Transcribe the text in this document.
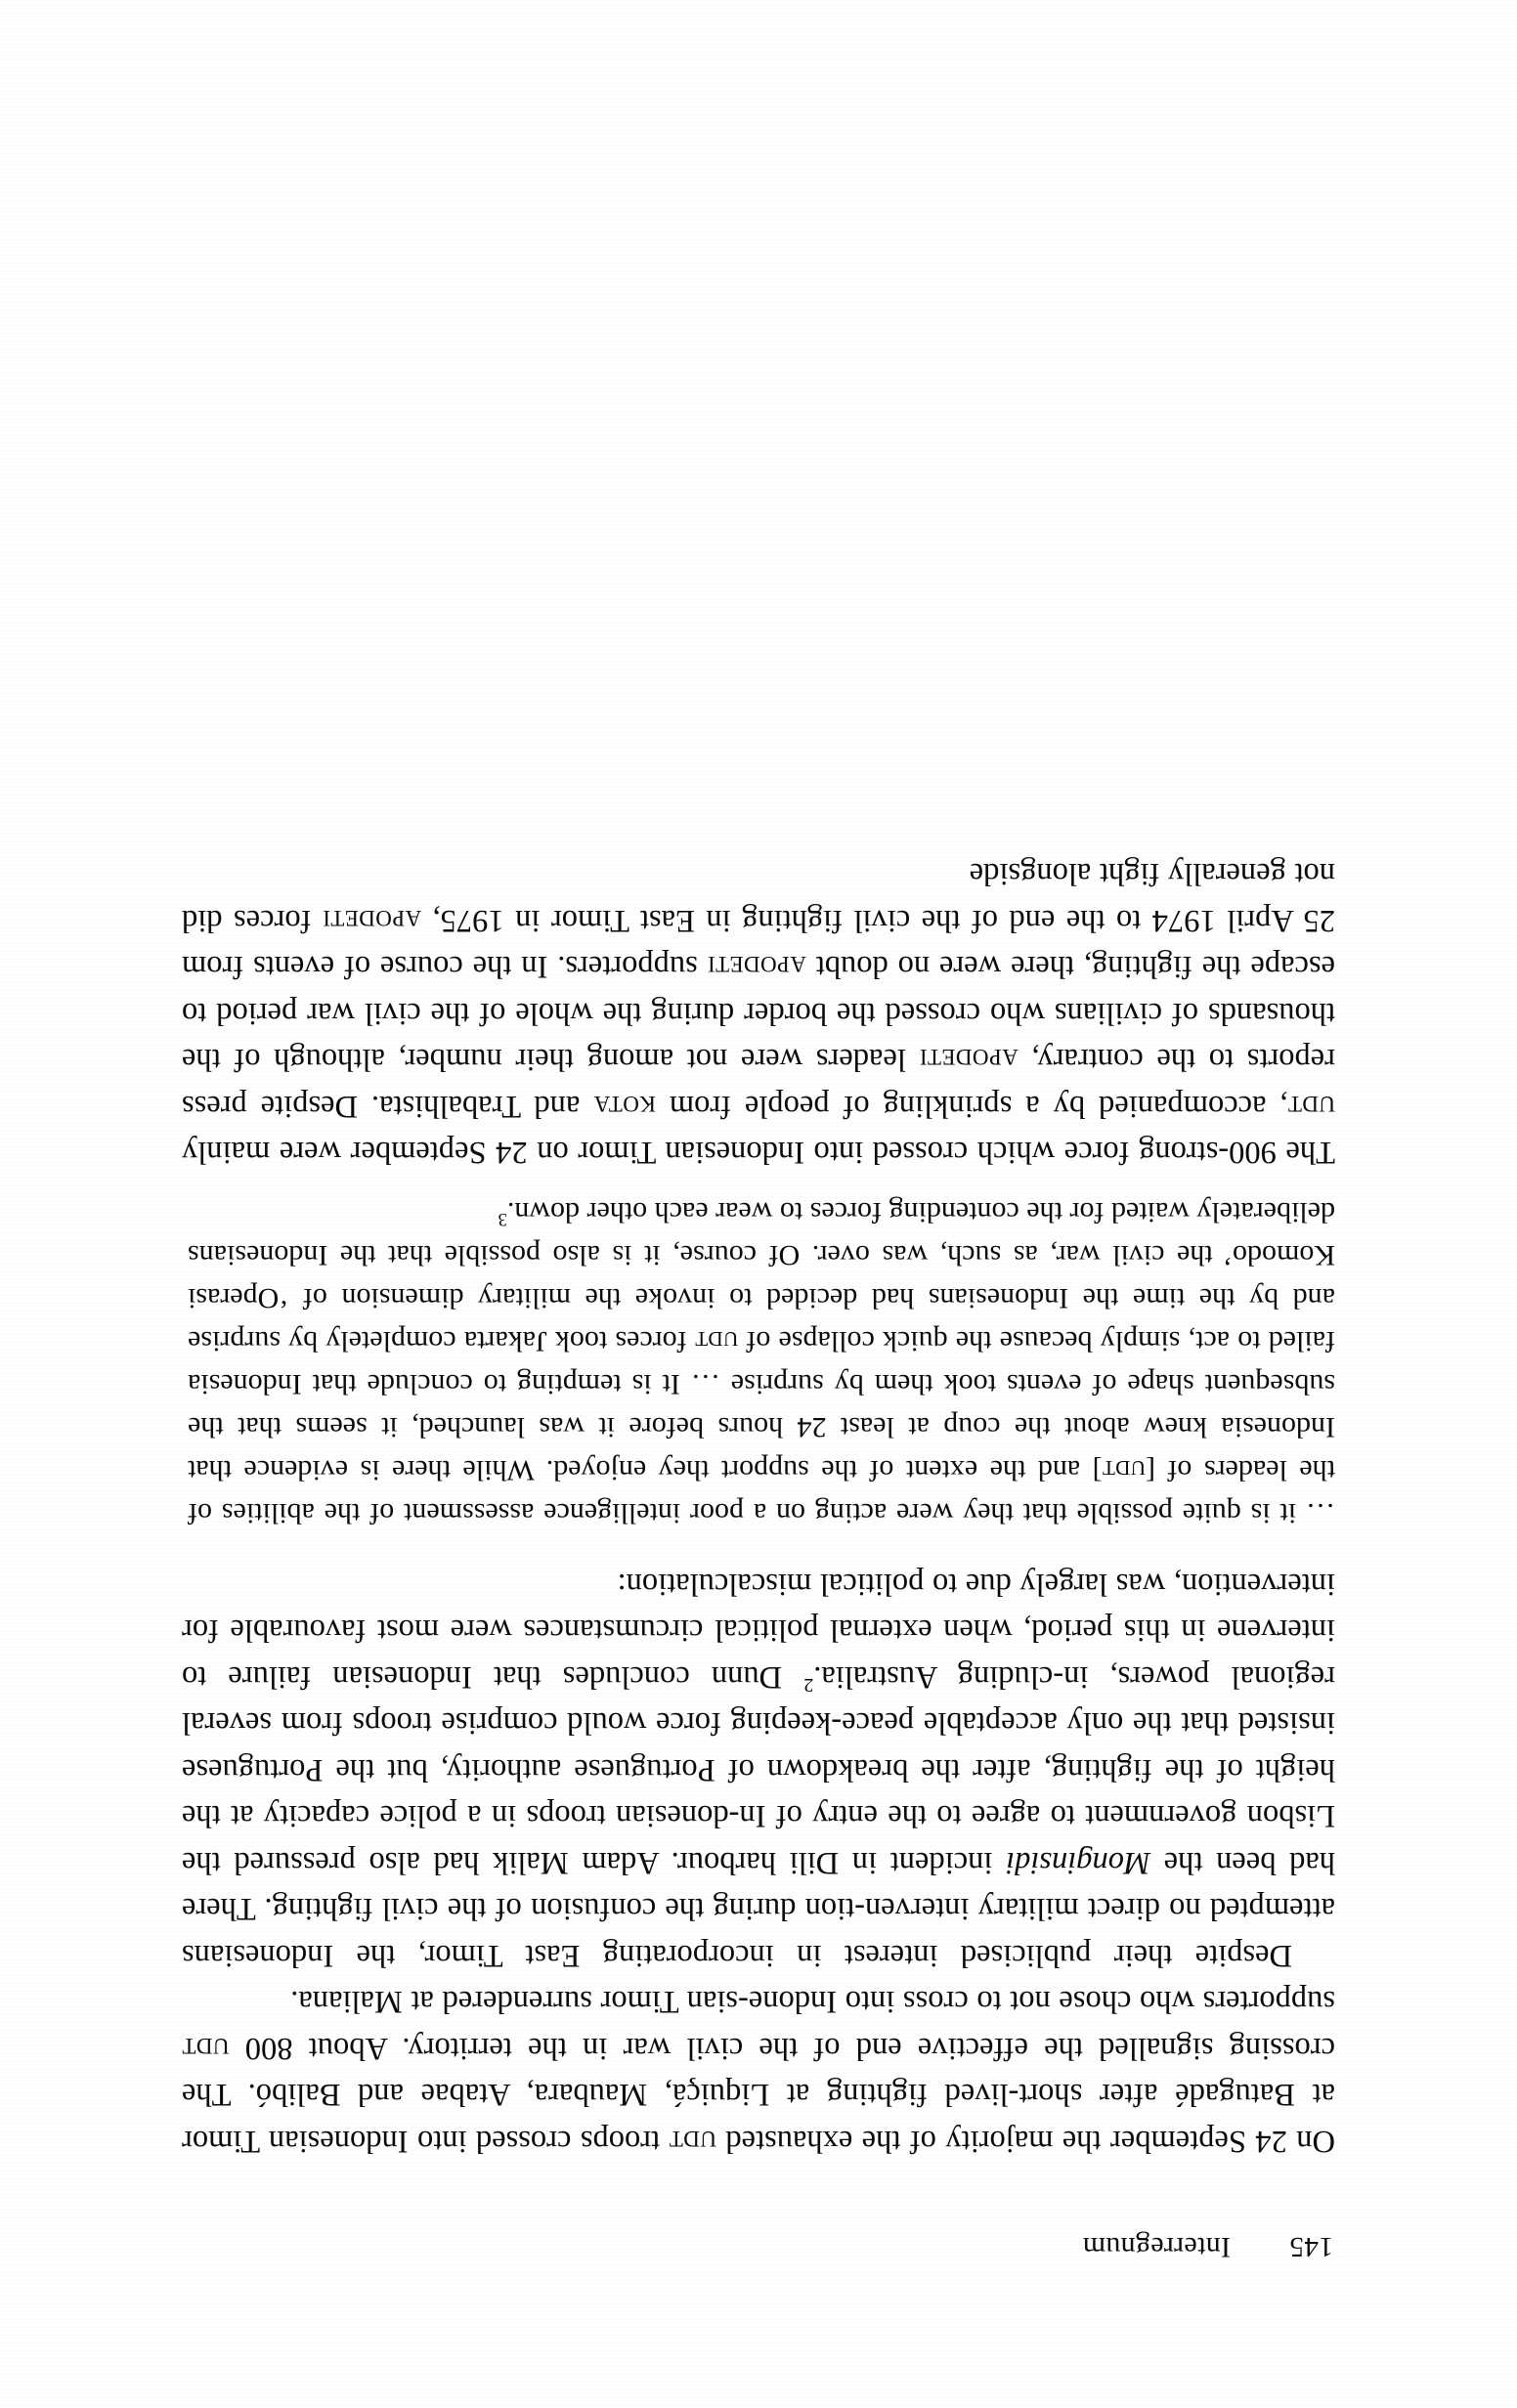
145
Interregnum

On 24 September the majority of the exhausted udt troops crossed into Indonesian Timor at Batugadé after short-lived fighting at Liquiçá, Maubara, Atabae and Balibó. The crossing signalled the effective end of the civil war in the territory. About 800 udt supporters who chose not to cross into Indone-sian Timor surrendered at Maliana.

Despite their publicised interest in incorporating East Timor, the Indonesians attempted no direct military interven-tion during the confusion of the civil fighting. There had been the Monginsidi incident in Dili harbour. Adam Malik had also pressured the Lisbon government to agree to the entry of In-donesian troops in a police capacity at the height of the fighting, after the breakdown of Portuguese authority, but the Portuguese insisted that the only acceptable peace-keeping force would comprise troops from several regional powers, in-cluding Australia.$^2$ Dunn concludes that Indonesian failure to intervene in this period, when external political circumstances were most favourable for intervention, was largely due to political miscalculation:

… it is quite possible that they were acting on a poor intelligence assessment of the abilities of the leaders of [udt] and the extent of the support they enjoyed. While there is evidence that Indonesia knew about the coup at least 24 hours before it was launched, it seems that the subsequent shape of events took them by surprise … It is tempting to conclude that Indonesia failed to act, simply because the quick collapse of udt forces took Jakarta completely by surprise and by the time the Indonesians had decided to invoke the military dimension of ‘Operasi Komodo’ the civil war, as such, was over. Of course, it is also possible that the Indonesians deliberately waited for the contending forces to wear each other down.$^3$

The 900-strong force which crossed into Indonesian Timor on 24 September were mainly udt, accompanied by a sprinkling of people from kota and Trabalhista. Despite press reports to the contrary, apodeti leaders were not among their number, although of the thousands of civilians who crossed the border during the whole of the civil war period to escape the fighting, there were no doubt apodeti supporters. In the course of events from 25 April 1974 to the end of the civil fighting in East Timor in 1975, apodeti forces did not generally fight alongside
